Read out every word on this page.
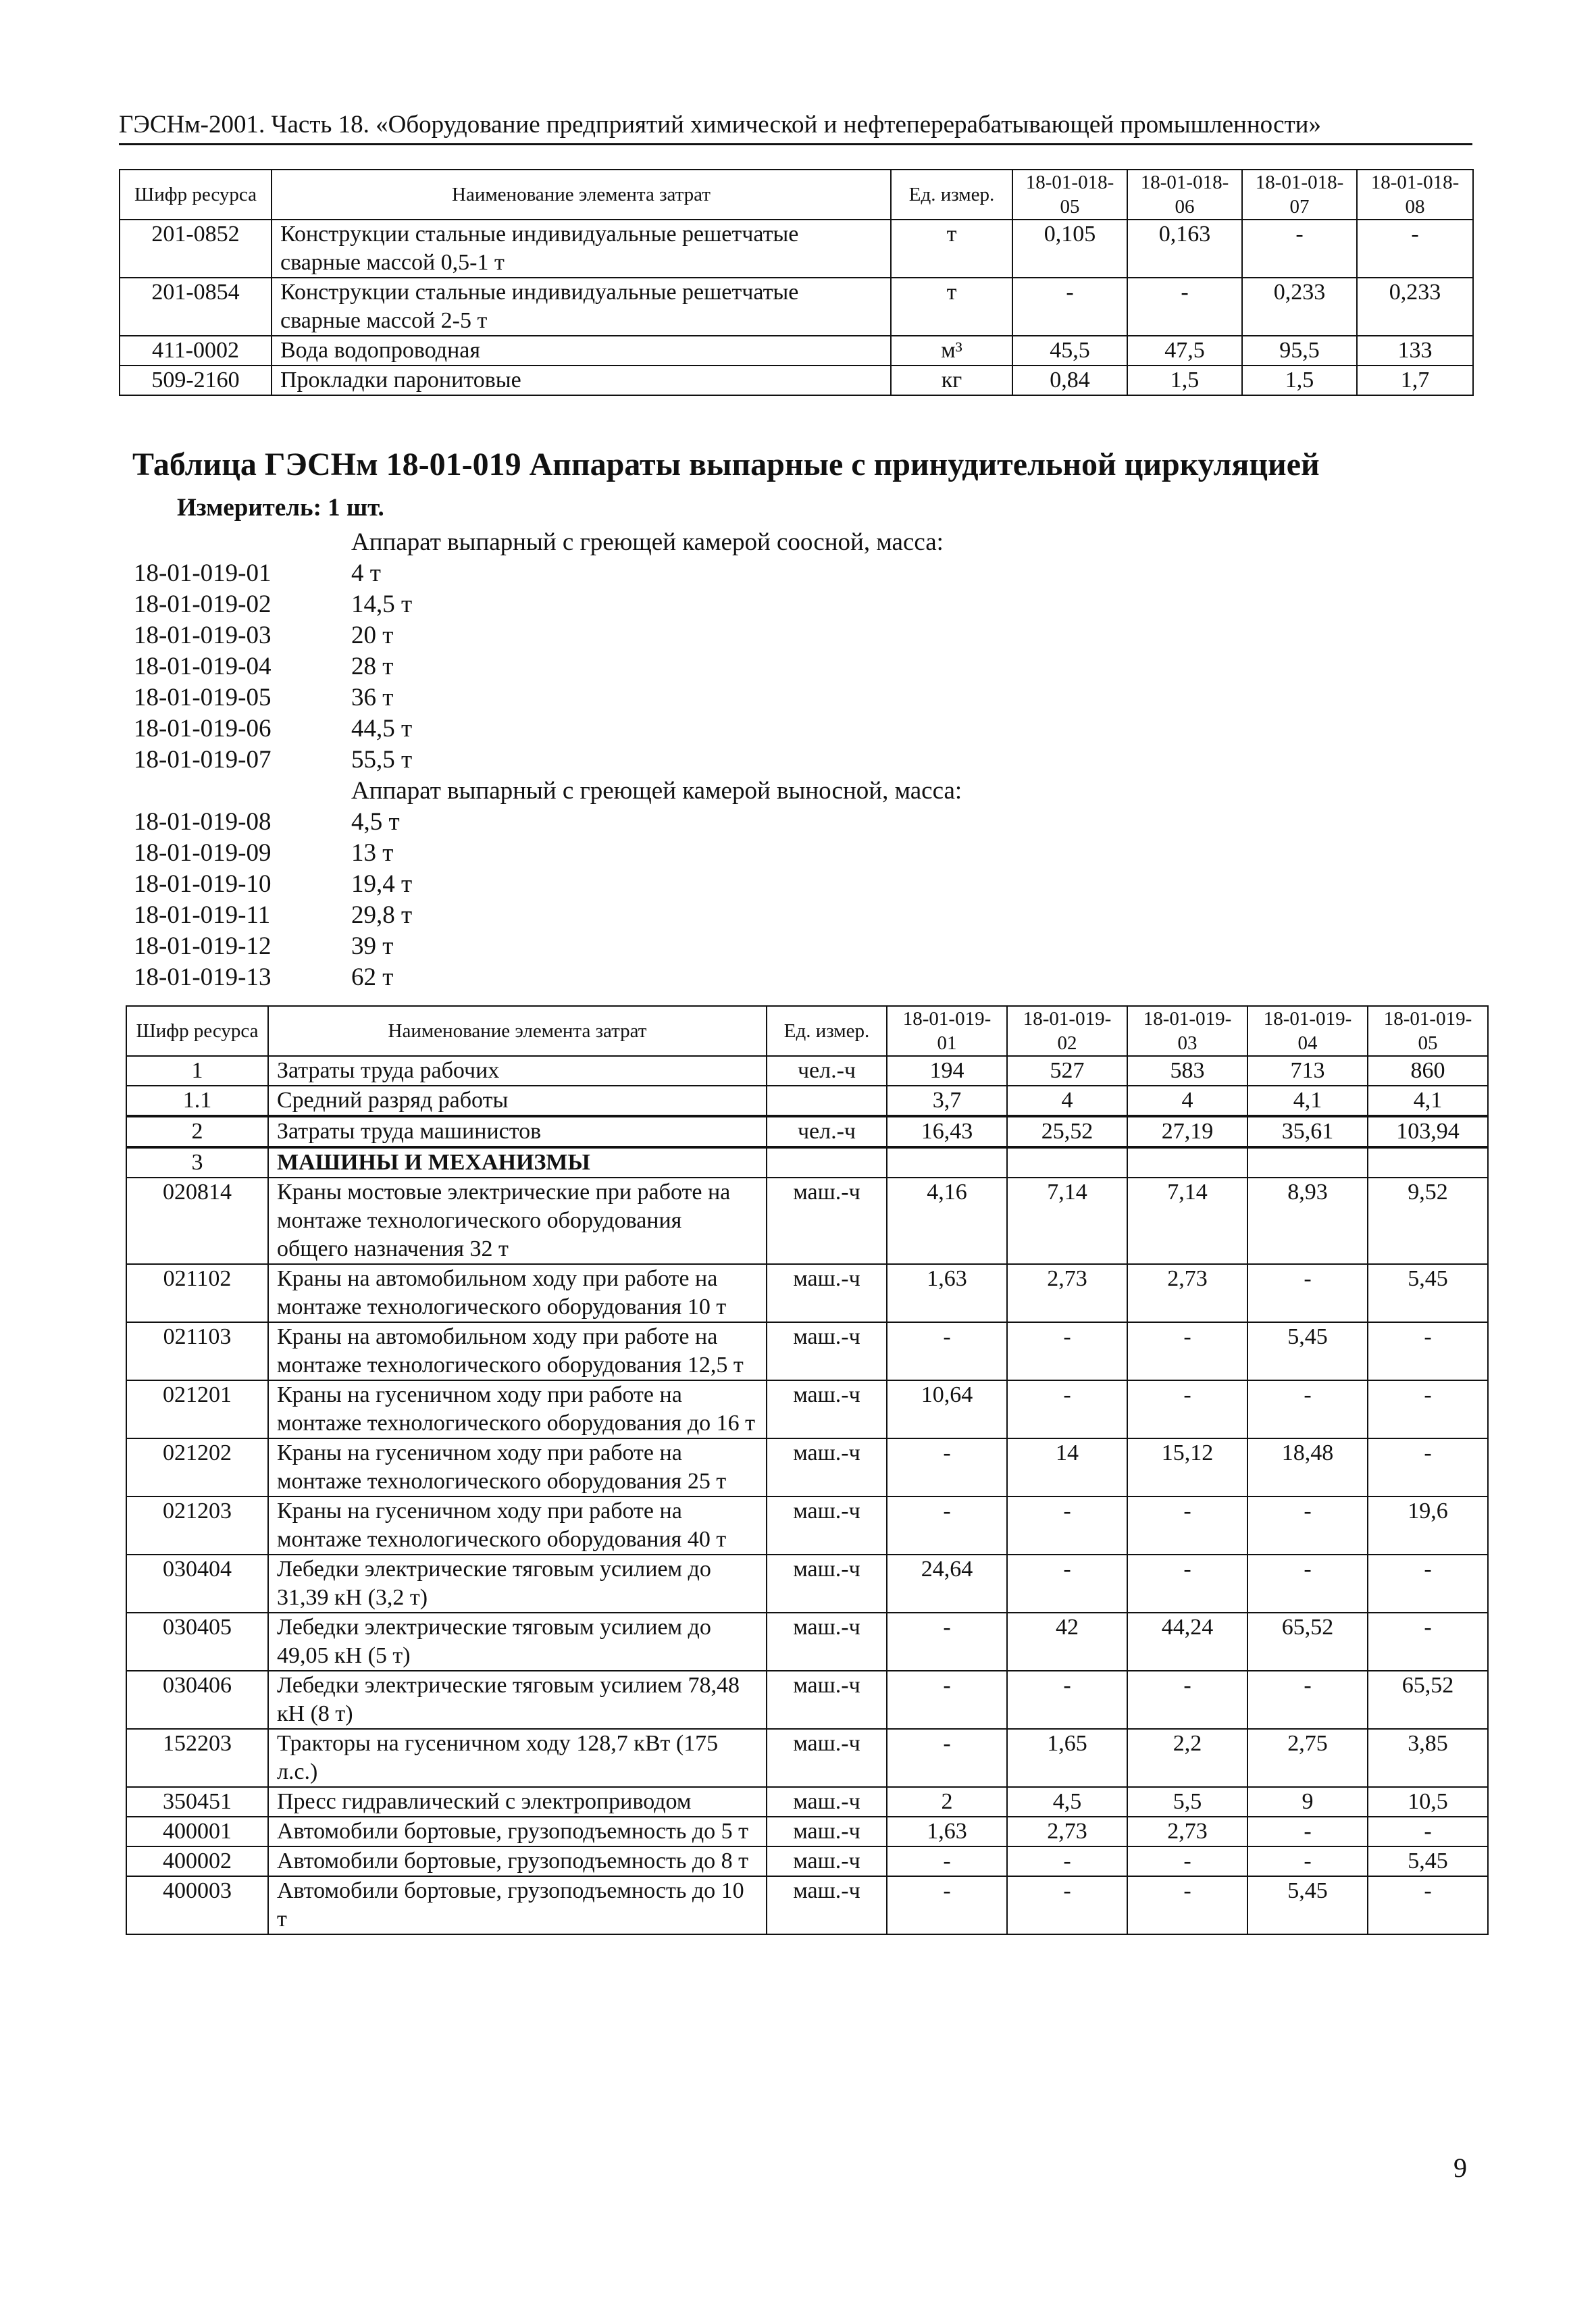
ГЭСНм-2001. Часть 18. «Оборудование предприятий химической и нефтеперерабатывающей промышленности»
Шифр ресурса	Наименование элемента затрат	Ед. измер.	18-01-018-05	18-01-018-06	18-01-018-07	18-01-018-08
201-0852	Конструкции стальные индивидуальные решетчатые сварные массой 0,5-1 т	т	0,105	0,163	-	-
201-0854	Конструкции стальные индивидуальные решетчатые сварные массой 2-5 т	т	-	-	0,233	0,233
411-0002	Вода водопроводная	м³	45,5	47,5	95,5	133
509-2160	Прокладки паронитовые	кг	0,84	1,5	1,5	1,7
Таблица ГЭСНм 18-01-019 Аппараты выпарные с принудительной циркуляцией
Измеритель: 1 шт.
Аппарат выпарный с греющей камерой соосной, масса:
18-01-019-01	4 т
18-01-019-02	14,5 т
18-01-019-03	20 т
18-01-019-04	28 т
18-01-019-05	36 т
18-01-019-06	44,5 т
18-01-019-07	55,5 т
Аппарат выпарный с греющей камерой выносной, масса:
18-01-019-08	4,5 т
18-01-019-09	13 т
18-01-019-10	19,4 т
18-01-019-11	29,8 т
18-01-019-12	39 т
18-01-019-13	62 т
Шифр ресурса	Наименование элемента затрат	Ед. измер.	18-01-019-01	18-01-019-02	18-01-019-03	18-01-019-04	18-01-019-05
1	Затраты труда рабочих	чел.-ч	194	527	583	713	860
1.1	Средний разряд работы		3,7	4	4	4,1	4,1
2	Затраты труда машинистов	чел.-ч	16,43	25,52	27,19	35,61	103,94
3	МАШИНЫ И МЕХАНИЗМЫ						
020814	Краны мостовые электрические при работе на монтаже технологического оборудования общего назначения 32 т	маш.-ч	4,16	7,14	7,14	8,93	9,52
021102	Краны на автомобильном ходу при работе на монтаже технологического оборудования 10 т	маш.-ч	1,63	2,73	2,73	-	5,45
021103	Краны на автомобильном ходу при работе на монтаже технологического оборудования 12,5 т	маш.-ч	-	-	-	5,45	-
021201	Краны на гусеничном ходу при работе на монтаже технологического оборудования до 16 т	маш.-ч	10,64	-	-	-	-
021202	Краны на гусеничном ходу при работе на монтаже технологического оборудования 25 т	маш.-ч	-	14	15,12	18,48	-
021203	Краны на гусеничном ходу при работе на монтаже технологического оборудования 40 т	маш.-ч	-	-	-	-	19,6
030404	Лебедки электрические тяговым усилием до 31,39 кН (3,2 т)	маш.-ч	24,64	-	-	-	-
030405	Лебедки электрические тяговым усилием до 49,05 кН (5 т)	маш.-ч	-	42	44,24	65,52	-
030406	Лебедки электрические тяговым усилием 78,48 кН (8 т)	маш.-ч	-	-	-	-	65,52
152203	Тракторы на гусеничном ходу 128,7 кВт (175 л.с.)	маш.-ч	-	1,65	2,2	2,75	3,85
350451	Пресс гидравлический с электроприводом	маш.-ч	2	4,5	5,5	9	10,5
400001	Автомобили бортовые, грузоподъемность до 5 т	маш.-ч	1,63	2,73	2,73	-	-
400002	Автомобили бортовые, грузоподъемность до 8 т	маш.-ч	-	-	-	-	5,45
400003	Автомобили бортовые, грузоподъемность до 10 т	маш.-ч	-	-	-	5,45	-
9
